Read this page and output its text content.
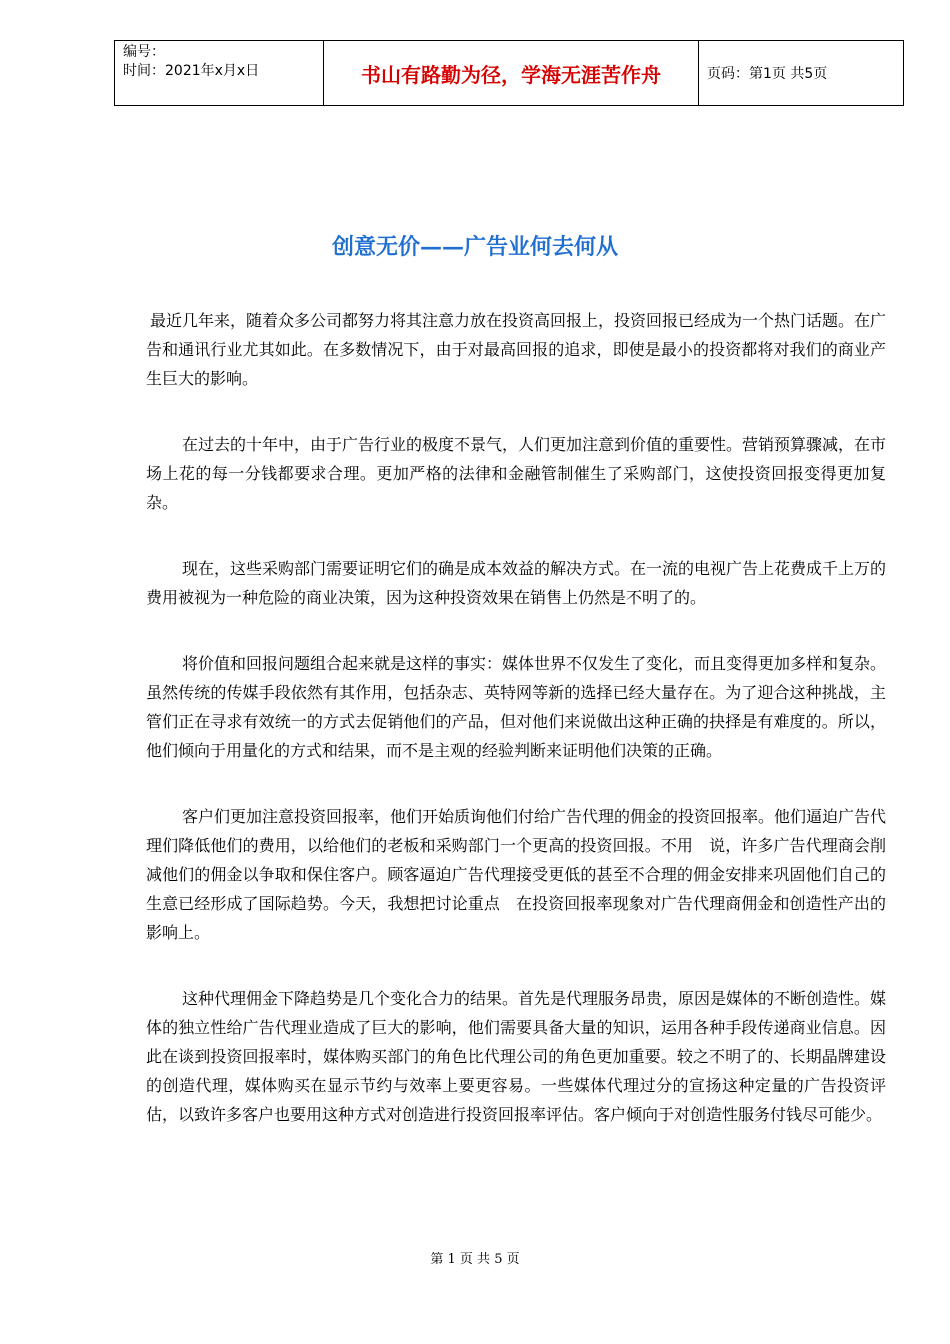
编号：
时间：2021年x月x日	书山有路勤为径，学海无涯苦作舟	页码：第1页 共5页
创意无价——广告业何去何从

最近几年来，随着众多公司都努力将其注意力放在投资高回报上，投资回报已经成为一个热门话题。在广告和通讯行业尤其如此。在多数情况下，由于对最高回报的追求，即使是最小的投资都将对我们的商业产生巨大的影响。

在过去的十年中，由于广告行业的极度不景气，人们更加注意到价值的重要性。营销预算骤减，在市场上花的每一分钱都要求合理。更加严格的法律和金融管制催生了采购部门，这使投资回报变得更加复杂。

现在，这些采购部门需要证明它们的确是成本效益的解决方式。在一流的电视广告上花费成千上万的费用被视为一种危险的商业决策，因为这种投资效果在销售上仍然是不明了的。

将价值和回报问题组合起来就是这样的事实：媒体世界不仅发生了变化，而且变得更加多样和复杂。虽然传统的传媒手段依然有其作用，包括杂志、英特网等新的选择已经大量存在。为了迎合这种挑战，主管们正在寻求有效统一的方式去促销他们的产品，但对他们来说做出这种正确的抉择是有难度的。所以，他们倾向于用量化的方式和结果，而不是主观的经验判断来证明他们决策的正确。

客户们更加注意投资回报率，他们开始质询他们付给广告代理的佣金的投资回报率。他们逼迫广告代理们降低他们的费用，以给他们的老板和采购部门一个更高的投资回报。不用　说，许多广告代理商会削减他们的佣金以争取和保住客户。顾客逼迫广告代理接受更低的甚至不合理的佣金安排来巩固他们自己的生意已经形成了国际趋势。今天，我想把讨论重点　在投资回报率现象对广告代理商佣金和创造性产出的影响上。

这种代理佣金下降趋势是几个变化合力的结果。首先是代理服务昂贵，原因是媒体的不断创造性。媒体的独立性给广告代理业造成了巨大的影响，他们需要具备大量的知识，运用各种手段传递商业信息。因此在谈到投资回报率时，媒体购买部门的角色比代理公司的角色更加重要。较之不明了的、长期晶牌建设的创造代理，媒体购买在显示节约与效率上要更容易。一些媒体代理过分的宣扬这种定量的广告投资评估，以致许多客户也要用这种方式对创造进行投资回报率评估。客户倾向于对创造性服务付钱尽可能少。

第 1 页 共 5 页
